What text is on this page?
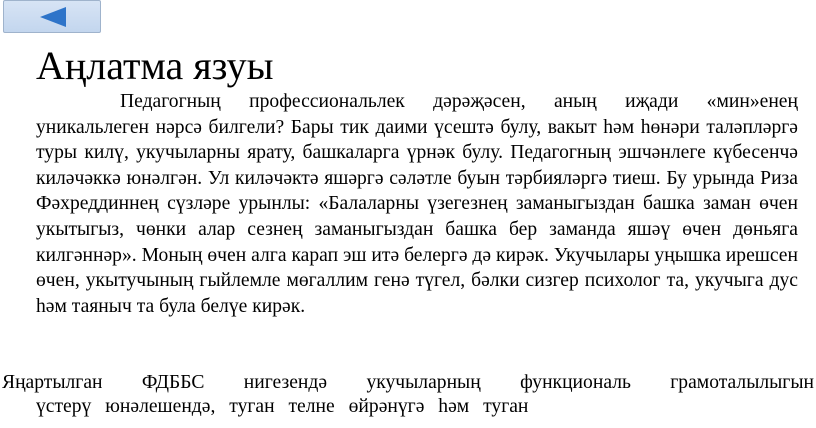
Аңлатма язуы

Педагогның профессиональлек дәрәҗәсен, аның иҗади «мин»енең уникальлеген нәрсә билгели? Бары тик даими үсештә булу, вакыт һәм һөнәри таләпләргә туры килү, укучыларны ярату, башкаларга үрнәк булу. Педагогның эшчәнлеге күбесенчә киләчәккә юнәлгән. Ул киләчәктә яшәргә сәләтле буын тәрбияләргә тиеш. Бу урында Риза Фәхреддиннең сүзләре урынлы: «Балаларны үзегезнең заманыгыздан башка заман өчен укытыгыз, чөнки алар сезнең заманыгыздан башка бер заманда яшәү өчен дөньяга килгәннәр». Моның өчен алга карап эш итә белергә дә кирәк. Укучылары уңышка ирешсен өчен, укытучының гыйлемле мөгаллим генә түгел, бәлки сизгер психолог та, укучыга дус һәм таяныч та була белүе кирәк.

Яңартылган ФДББС нигезендә укучыларның функциональ грамоталылыгын

үстерү юнәлешендә, туган телне өйрәнүгә һәм туган
